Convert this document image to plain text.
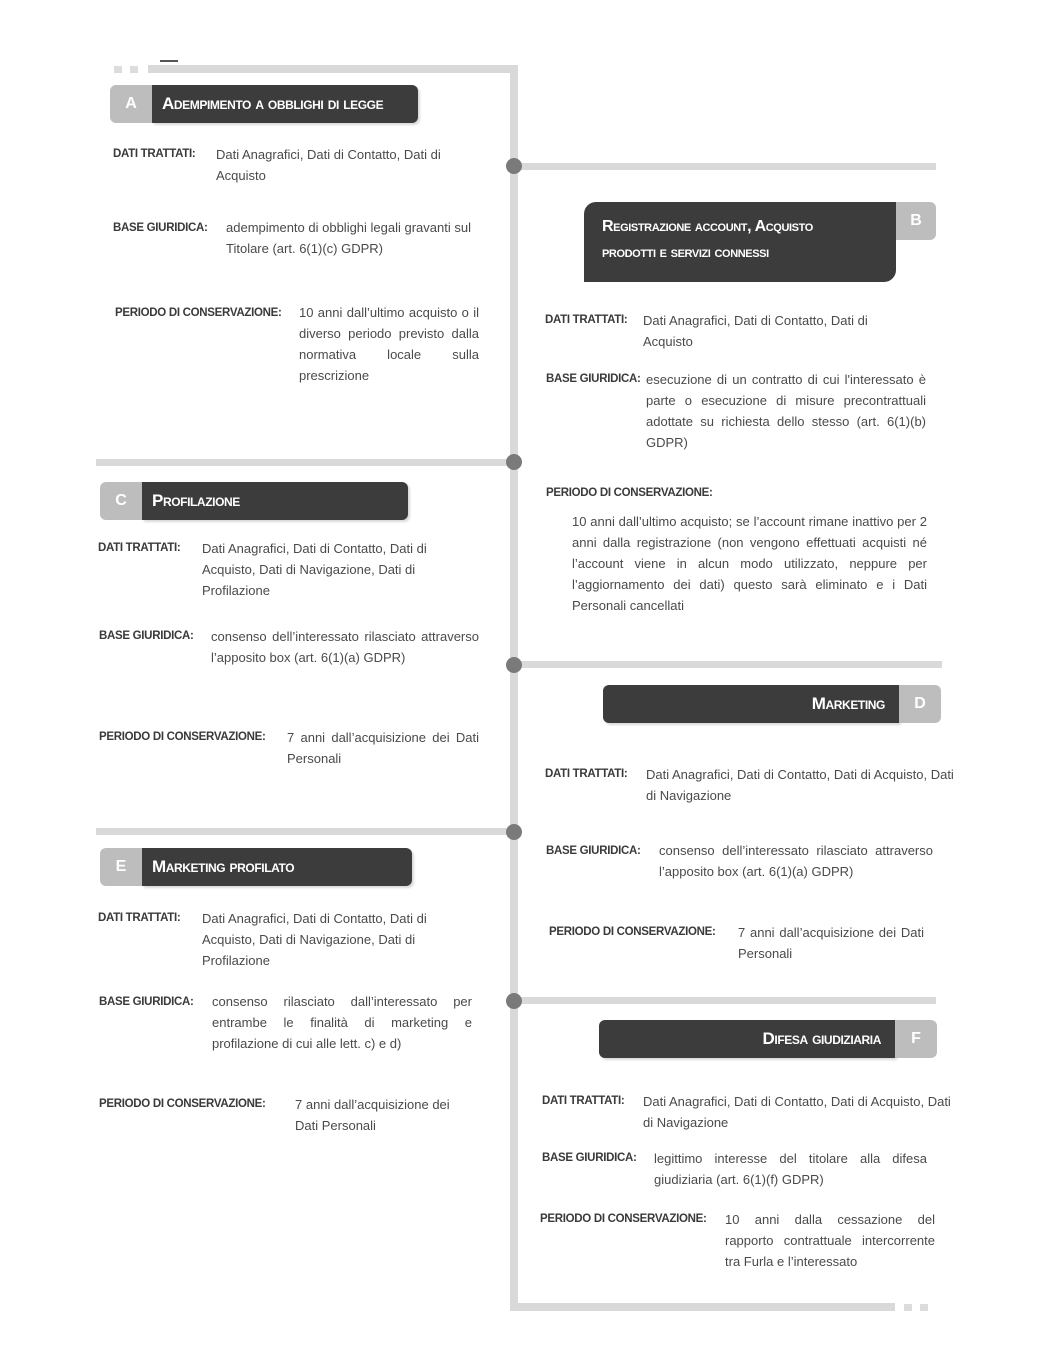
A	Adempimento a obblighi di legge
DATI TRATTATI: Dati Anagrafici, Dati di Contatto, Dati di Acquisto
BASE GIURIDICA: adempimento di obblighi legali gravanti sul Titolare (art. 6(1)(c) GDPR)
PERIODO DI CONSERVAZIONE: 10 anni dall’ultimo acquisto o il diverso periodo previsto dalla normativa locale sulla prescrizione
Registrazione account, Acquisto
prodotti e servizi connessi
B
DATI TRATTATI: Dati Anagrafici, Dati di Contatto, Dati di Acquisto
BASE GIURIDICA: esecuzione di un contratto di cui l'interessato è parte o esecuzione di misure precontrattuali adottate su richiesta dello stesso (art. 6(1)(b) GDPR)
PERIODO DI CONSERVAZIONE:
10 anni dall’ultimo acquisto; se l’account rimane inattivo per 2 anni dalla registrazione (non vengono effettuati acquisti né l’account viene in alcun modo utilizzato, neppure per l’aggiornamento dei dati) questo sarà eliminato e i Dati Personali cancellati
C	Profilazione
DATI TRATTATI: Dati Anagrafici, Dati di Contatto, Dati di Acquisto, Dati di Navigazione, Dati di Profilazione
BASE GIURIDICA: consenso dell’interessato rilasciato attraverso l’apposito box (art. 6(1)(a) GDPR)
PERIODO DI CONSERVAZIONE: 7 anni dall’acquisizione dei Dati Personali
Marketing	D
DATI TRATTATI: Dati Anagrafici, Dati di Contatto, Dati di Acquisto, Dati di Navigazione
BASE GIURIDICA: consenso dell’interessato rilasciato attraverso l’apposito box (art. 6(1)(a) GDPR)
PERIODO DI CONSERVAZIONE: 7 anni dall’acquisizione dei Dati Personali
E	Marketing profilato
DATI TRATTATI: Dati Anagrafici, Dati di Contatto, Dati di Acquisto, Dati di Navigazione, Dati di Profilazione
BASE GIURIDICA: consenso rilasciato dall’interessato per entrambe le finalità di marketing e profilazione di cui alle lett. c) e d)
PERIODO DI CONSERVAZIONE: 7 anni dall’acquisizione dei Dati Personali
Difesa giudiziaria	F
DATI TRATTATI: Dati Anagrafici, Dati di Contatto, Dati di Acquisto, Dati di Navigazione
BASE GIURIDICA: legittimo interesse del titolare alla difesa giudiziaria (art. 6(1)(f) GDPR)
PERIODO DI CONSERVAZIONE: 10 anni dalla cessazione del rapporto contrattuale intercorrente tra Furla e l’interessato
